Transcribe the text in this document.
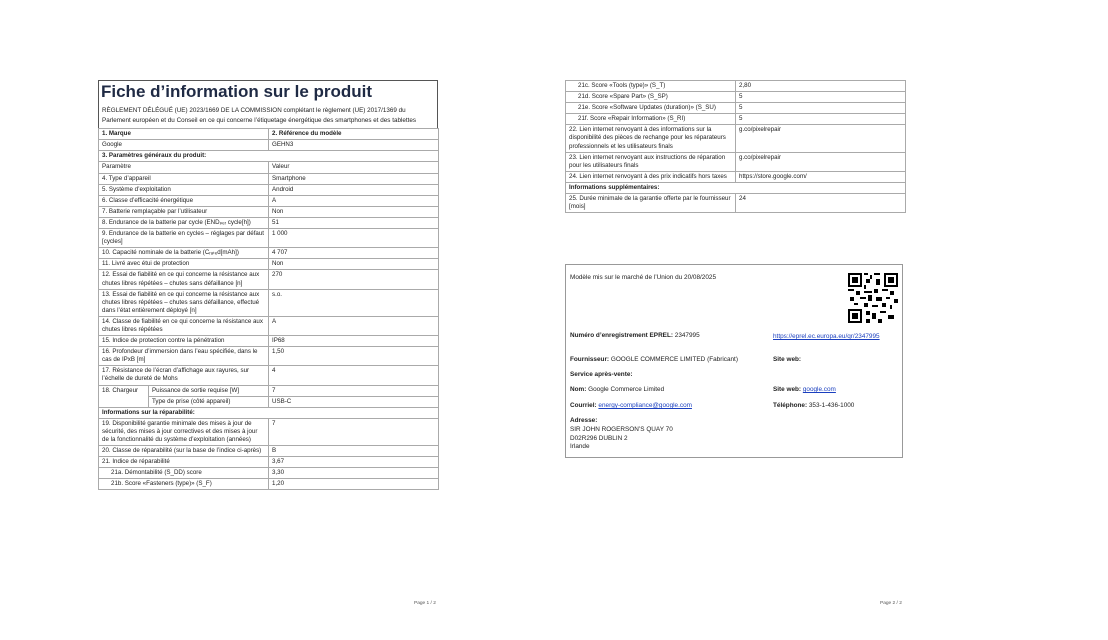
Fiche d’information sur le produit
RÈGLEMENT DÉLÉGUÉ (UE) 2023/1669 DE LA COMMISSION complétant le règlement (UE) 2017/1369 du Parlement européen et du Conseil en ce qui concerne l’étiquetage énergétique des smartphones et des tablettes
1. Marque		2. Référence du modèle
Google		GEHN3
3. Paramètres généraux du produit:		
Paramètre		Valeur
4. Type d’appareil		Smartphone
5. Système d’exploitation		Android
6. Classe d’efficacité énergétique		A
7. Batterie remplaçable par l’utilisateur		Non
8. Endurance de la batterie par cycle (ENDₚₑᵣ cycle[h])		51
9. Endurance de la batterie en cycles – réglages par défaut [cycles]		1 000
10. Capacité nominale de la batterie (Cᵣₐₜₑd[mAh])		4 707
11. Livré avec étui de protection		Non
12. Essai de fiabilité en ce qui concerne la résistance aux chutes libres répétées – chutes sans défaillance [n]		270
13. Essai de fiabilité en ce qui concerne la résistance aux chutes libres répétées – chutes sans défaillance, effectué dans l’état entièrement déployé [n]		s.o.
14. Classe de fiabilité en ce qui concerne la résistance aux chutes libres répétées		A
15. Indice de protection contre la pénétration		IP68
16. Profondeur d’immersion dans l’eau spécifiée, dans le cas de IPxB [m]		1,50
17. Résistance de l’écran d’affichage aux rayures, sur l’échelle de dureté de Mohs		4
18. Chargeur	Puissance de sortie requise [W]	7
	Type de prise (côté appareil)	USB-C
Informations sur la réparabilité:		
19. Disponibilité garantie minimale des mises à jour de sécurité, des mises à jour correctives et des mises à jour de la fonctionnalité du système d’exploitation (années)		7
20. Classe de réparabilité (sur la base de l’indice ci-après)		B
21. Indice de réparabilité		3,67
21a. Démontabilité (S_DD) score		3,30
21b. Score «Fasteners (type)» (S_F)		1,20
Page 1 / 2
21c. Score «Tools (type)» (S_T)	2,80
21d. Score «Spare Part» (S_SP)	5
21e. Score «Software Updates (duration)» (S_SU)	5
21f. Score «Repair Information» (S_RI)	5
22. Lien internet renvoyant à des informations sur la disponibilité des pièces de rechange pour les réparateurs professionnels et les utilisateurs finals	g.co/pixelrepair
23. Lien internet renvoyant aux instructions de réparation pour les utilisateurs finals	g.co/pixelrepair
24. Lien internet renvoyant à des prix indicatifs hors taxes	https://store.google.com/
Informations supplémentaires:	
25. Durée minimale de la garantie offerte par le fournisseur [mois]	24
Modèle mis sur le marché de l’Union du 20/08/2025
Numéro d’enregistrement EPREL: 2347995	https://eprel.ec.europa.eu/qr/2347995
Fournisseur: GOOGLE COMMERCE LIMITED (Fabricant)	Site web:
Service après-vente:
Nom: Google Commerce Limited	Site web: google.com
Courriel: energy-compliance@google.com	Téléphone: 353-1-436-1000
Adresse:
SIR JOHN ROGERSON’S QUAY 70
D02R296 DUBLIN 2
Irlande
Page 2 / 2
